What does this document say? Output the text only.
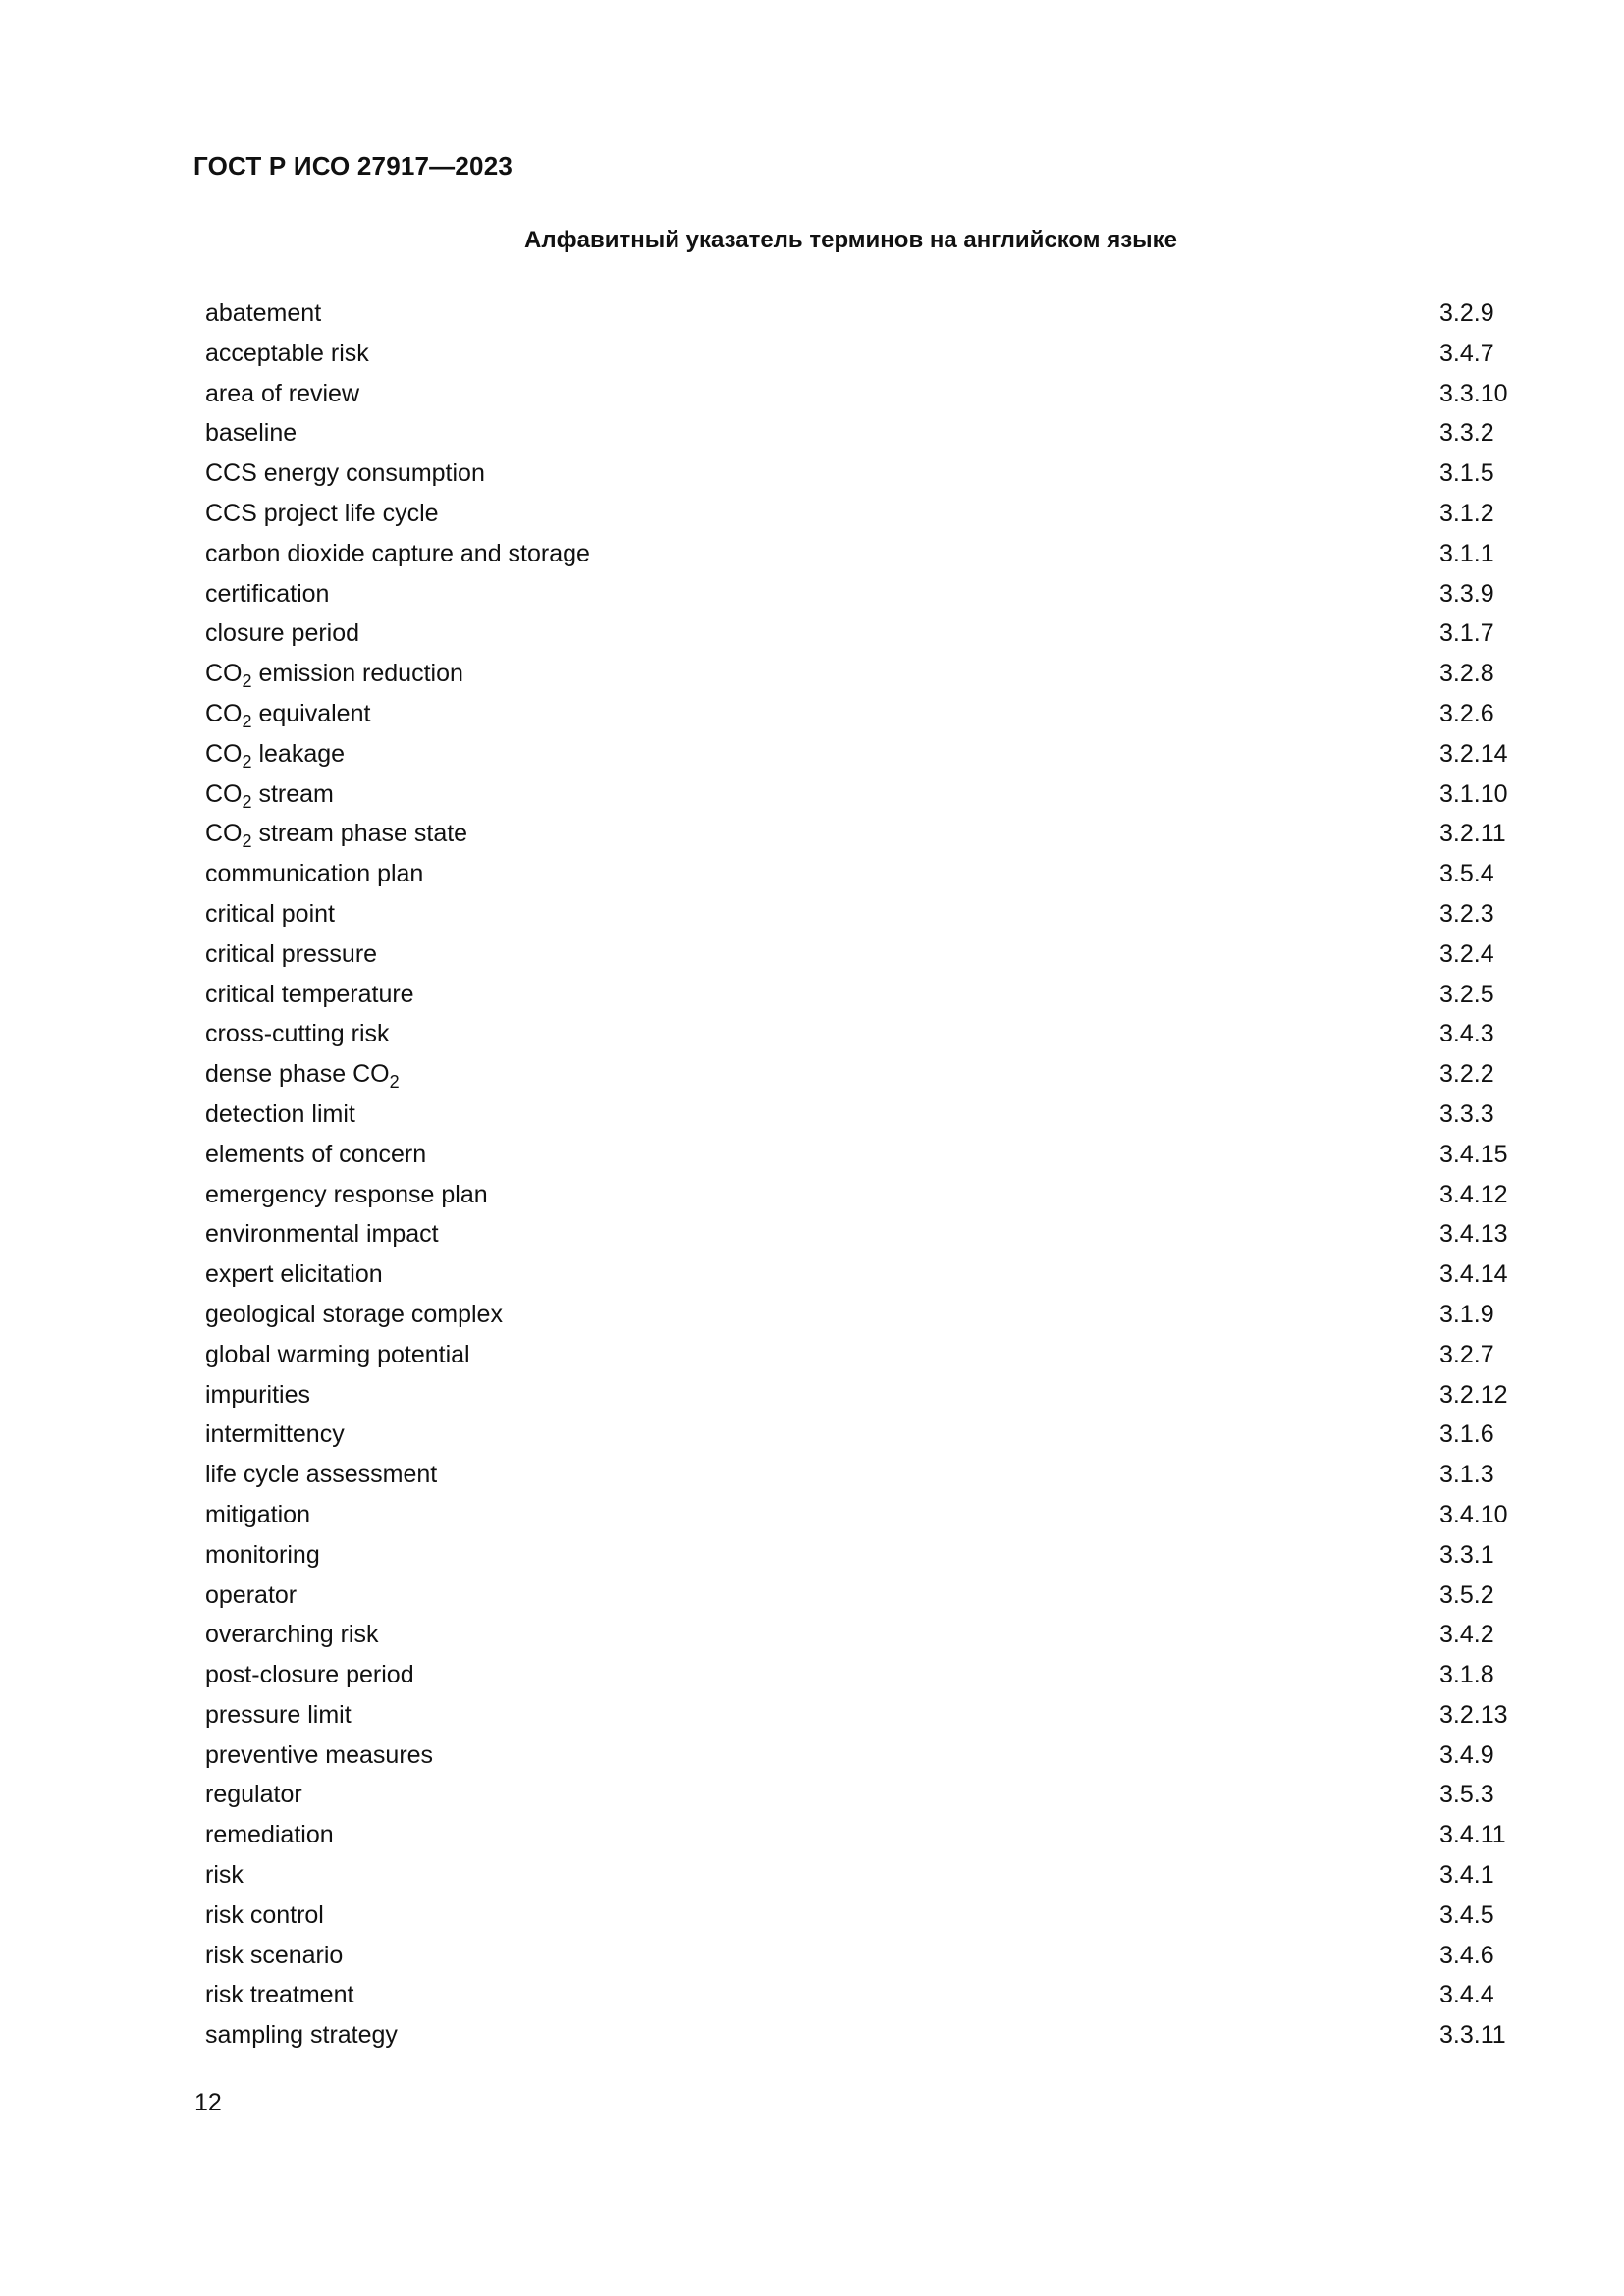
ГОСТ Р ИСО 27917—2023
Алфавитный указатель терминов на английском языке
abatement	3.2.9
acceptable risk	3.4.7
area of review	3.3.10
baseline	3.3.2
CCS energy consumption	3.1.5
CCS project life cycle	3.1.2
carbon dioxide capture and storage	3.1.1
certification	3.3.9
closure period	3.1.7
$CO_2$ emission reduction	3.2.8
$CO_2$ equivalent	3.2.6
$CO_2$ leakage	3.2.14
$CO_2$ stream	3.1.10
$CO_2$ stream phase state	3.2.11
communication plan	3.5.4
critical point	3.2.3
critical pressure	3.2.4
critical temperature	3.2.5
cross-cutting risk	3.4.3
dense phase $CO_2$	3.2.2
detection limit	3.3.3
elements of concern	3.4.15
emergency response plan	3.4.12
environmental impact	3.4.13
expert elicitation	3.4.14
geological storage complex	3.1.9
global warming potential	3.2.7
impurities	3.2.12
intermittency	3.1.6
life cycle assessment	3.1.3
mitigation	3.4.10
monitoring	3.3.1
operator	3.5.2
overarching risk	3.4.2
post-closure period	3.1.8
pressure limit	3.2.13
preventive measures	3.4.9
regulator	3.5.3
remediation	3.4.11
risk	3.4.1
risk control	3.4.5
risk scenario	3.4.6
risk treatment	3.4.4
sampling strategy	3.3.11
12
